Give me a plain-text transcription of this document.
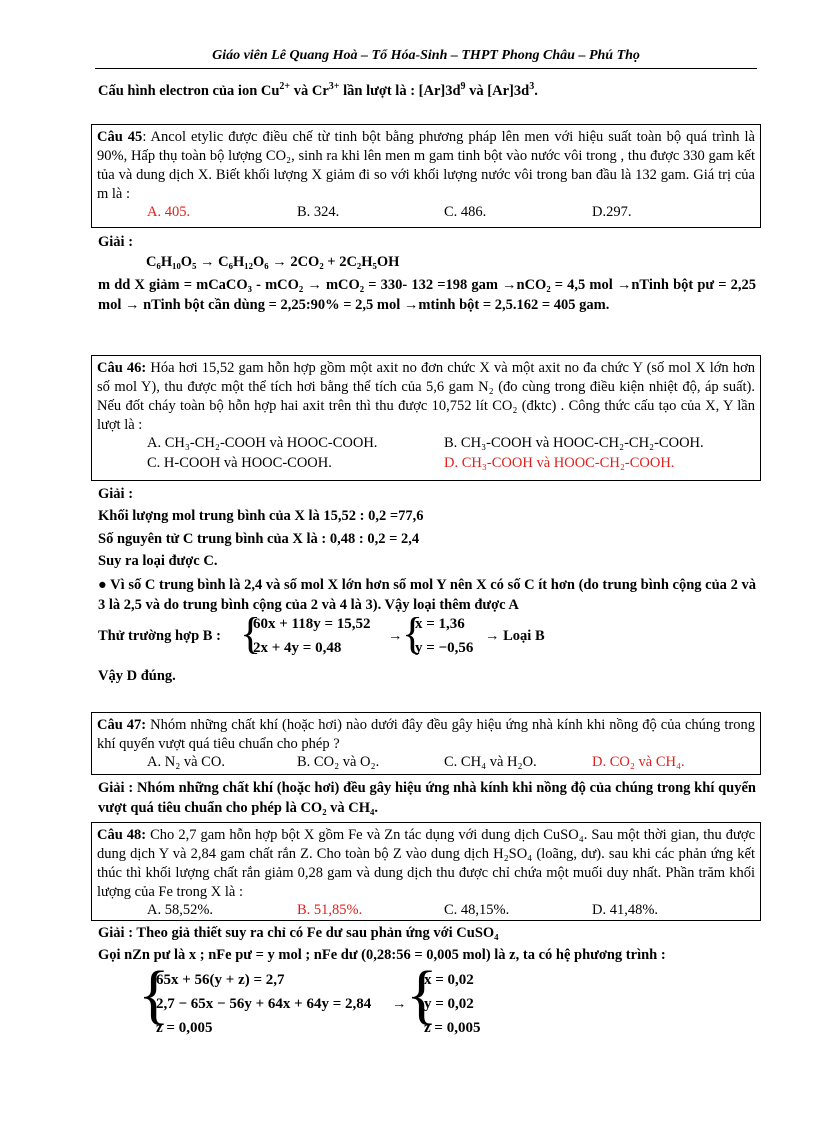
Giáo viên Lê Quang Hoà – Tổ Hóa-Sinh – THPT Phong Châu – Phú Thọ
Cấu hình electron của ion $Cu^{2+}$ và $Cr^{3+}$ lần lượt là : $[Ar]3d^9$ và $[Ar]3d^3$.
Câu 45: Ancol etylic được điều chế từ tinh bột bằng phương pháp lên men với hiệu suất toàn bộ quá trình là 90%, Hấp thụ toàn bộ lượng CO₂, sinh ra khi lên men m gam tinh bột vào nước vôi trong , thu được 330 gam kết tủa và dung dịch X. Biết khối lượng X giảm đi so với khối lượng nước vôi trong ban đầu là 132 gam. Giá trị của m là :
A. 405.	B. 324.	C. 486.	D.297.
Giải :
C₆H₁₀O₅ → C₆H₁₂O₆ → 2CO₂ + 2C₂H₅OH
m dd X giảm = mCaCO₃ - mCO₂ → mCO₂ = 330- 132 =198 gam →nCO₂ = 4,5 mol →nTinh bột pư = 2,25 mol → nTinh bột cần dùng = 2,25:90% = 2,5 mol →mtinh bột = 2,5.162 = 405 gam.
Câu 46: Hóa hơi 15,52 gam hỗn hợp gồm một axit no đơn chức X và một axit no đa chức Y (số mol X lớn hơn số mol Y), thu được một thể tích hơi bằng thể tích của 5,6 gam N₂ (đo cùng trong điều kiện nhiệt độ, áp suất). Nếu đốt cháy toàn bộ hỗn hợp hai axit trên thì thu được 10,752 lít CO₂ (đktc) . Công thức cấu tạo của X, Y lần lượt là :
A. CH₃-CH₂-COOH và HOOC-COOH.	B. CH₃-COOH và HOOC-CH₂-CH₂-COOH.
C. H-COOH và HOOC-COOH.	D. CH₃-COOH và HOOC-CH₂-COOH.
Giải :
Khối lượng mol trung bình của X là 15,52 : 0,2 =77,6
Số nguyên tử C trung bình của X là : 0,48 : 0,2 = 2,4
Suy ra loại được C.
● Vì số C trung bình là 2,4 và số mol X lớn hơn số mol Y nên X có số C ít hơn (do trung bình cộng của 2 và 3 là 2,5 và do trung bình cộng của 2 và 4 là 3). Vậy loại thêm được A
Thử trường hợp B : {
60x + 118y = 15,52
2x + 4y = 0,48
→ {
x = 1,36
y = −0,56
→ Loại B
Vậy D đúng.
Câu 47: Nhóm những chất khí (hoặc hơi) nào dưới đây đều gây hiệu ứng nhà kính khi nồng độ của chúng trong khí quyển vượt quá tiêu chuẩn cho phép ?
A. N₂ và CO.	B. CO₂ và O₂.	C. CH₄ và H₂O.	D. CO₂ và CH₄.
Giải : Nhóm những chất khí (hoặc hơi) đều gây hiệu ứng nhà kính khi nồng độ của chúng trong khí quyển vượt quá tiêu chuẩn cho phép là CO₂ và CH₄.
Câu 48: Cho 2,7 gam hỗn hợp bột X gồm Fe và Zn tác dụng với dung dịch CuSO₄. Sau một thời gian, thu được dung dịch Y và 2,84 gam chất rắn Z. Cho toàn bộ Z vào dung dịch H₂SO₄ (loãng, dư). sau khi các phản ứng kết thúc thì khối lượng chất rắn giảm 0,28 gam và dung dịch thu được chỉ chứa một muối duy nhất. Phần trăm khối lượng của Fe trong X là :
A. 58,52%.	B. 51,85%.	C. 48,15%.	D. 41,48%.
Giải : Theo giả thiết suy ra chỉ có Fe dư sau phản ứng với CuSO₄
Gọi nZn pư là x ; nFe pư = y mol ; nFe dư (0,28:56 = 0,005 mol) là z, ta có hệ phương trình :
{
65x + 56(y + z) = 2,7
2,7 − 65x − 56y + 64x + 64y = 2,84
z = 0,005
→ {
x = 0,02
y = 0,02
z = 0,005
